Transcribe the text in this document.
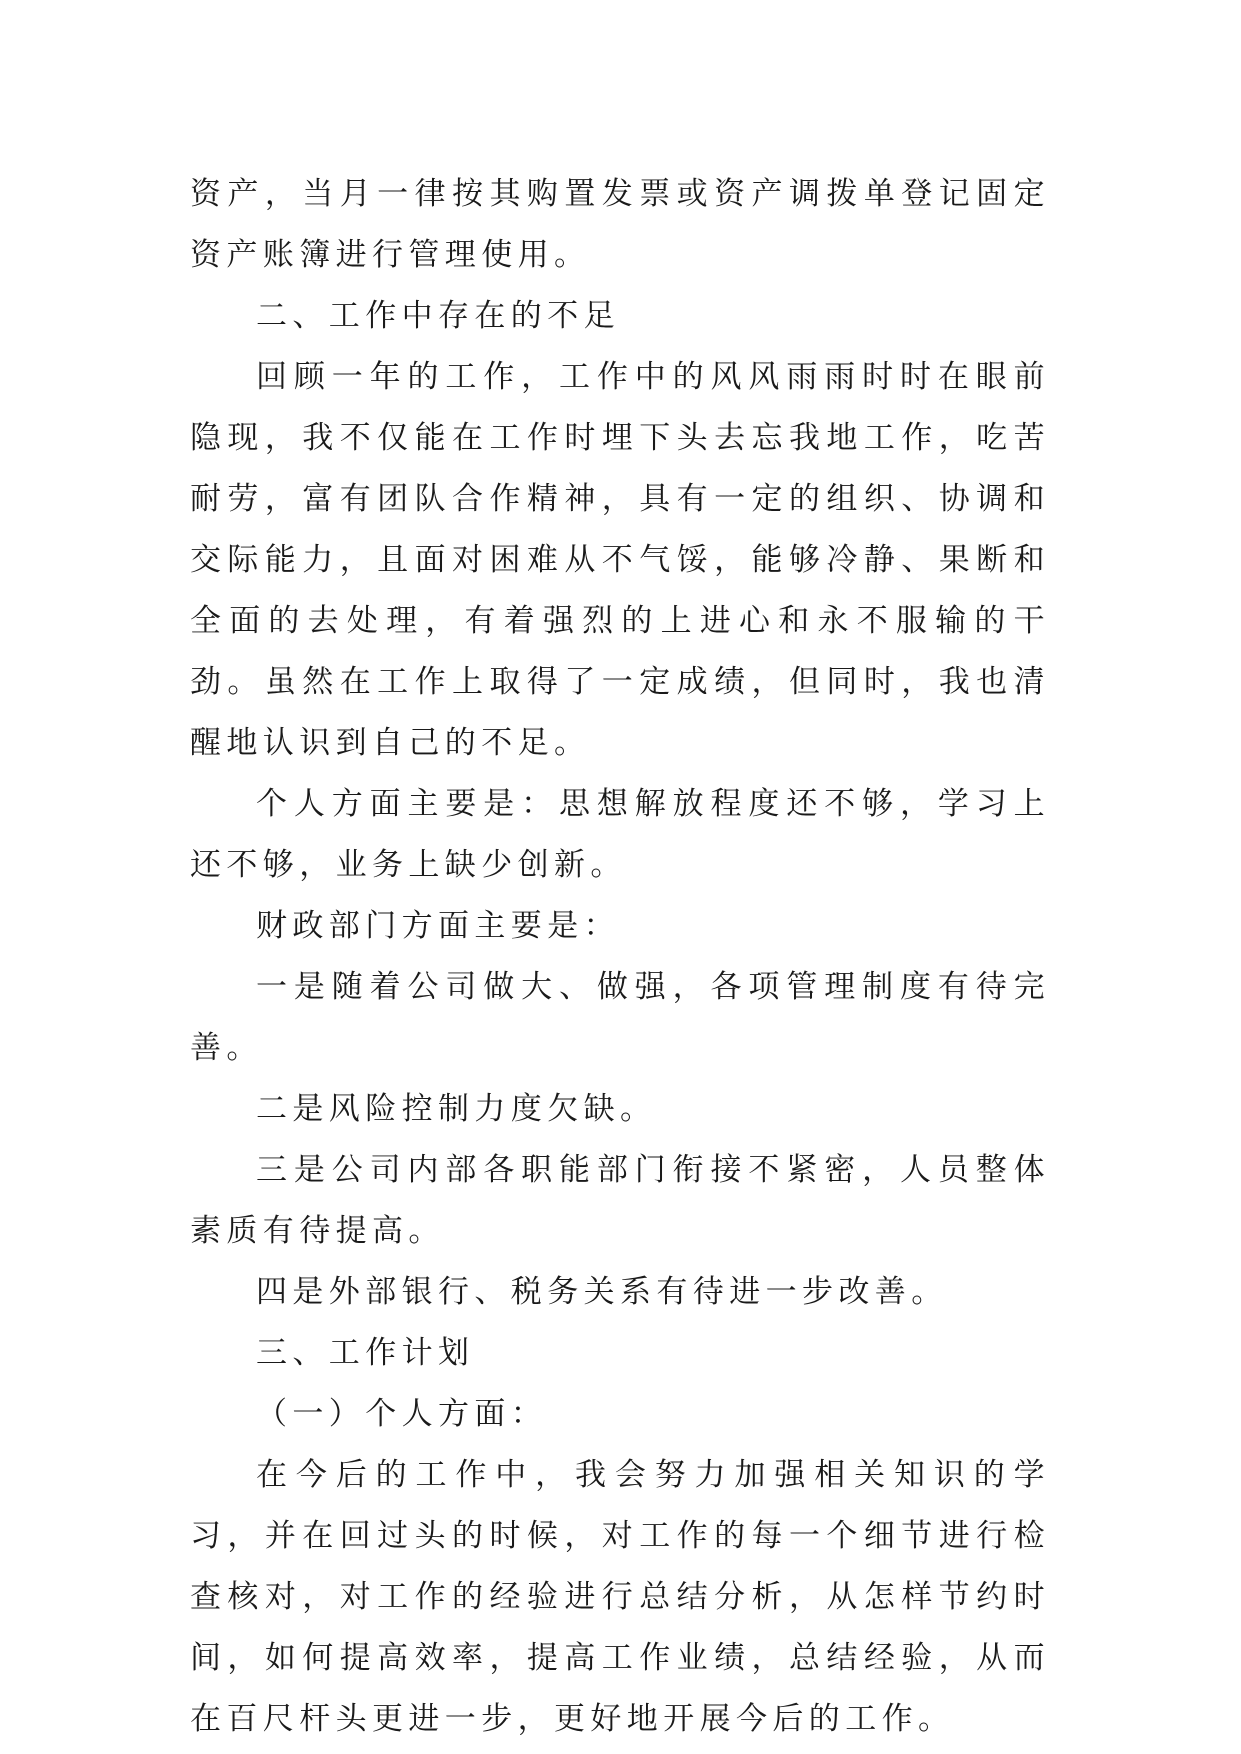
资产，当月一律按其购置发票或资产调拨单登记固定资产账簿进行管理使用。

二、工作中存在的不足

回顾一年的工作，工作中的风风雨雨时时在眼前隐现，我不仅能在工作时埋下头去忘我地工作，吃苦耐劳，富有团队合作精神，具有一定的组织、协调和交际能力，且面对困难从不气馁，能够冷静、果断和全面的去处理，有着强烈的上进心和永不服输的干劲。虽然在工作上取得了一定成绩，但同时，我也清醒地认识到自己的不足。

个人方面主要是：思想解放程度还不够，学习上还不够，业务上缺少创新。

财政部门方面主要是：

一是随着公司做大、做强，各项管理制度有待完善。

二是风险控制力度欠缺。

三是公司内部各职能部门衔接不紧密，人员整体素质有待提高。

四是外部银行、税务关系有待进一步改善。

三、工作计划

（一）个人方面：

在今后的工作中，我会努力加强相关知识的学习，并在回过头的时候，对工作的每一个细节进行检查核对，对工作的经验进行总结分析，从怎样节约时间，如何提高效率，提高工作业绩，总结经验，从而在百尺杆头更进一步，更好地开展今后的工作。
